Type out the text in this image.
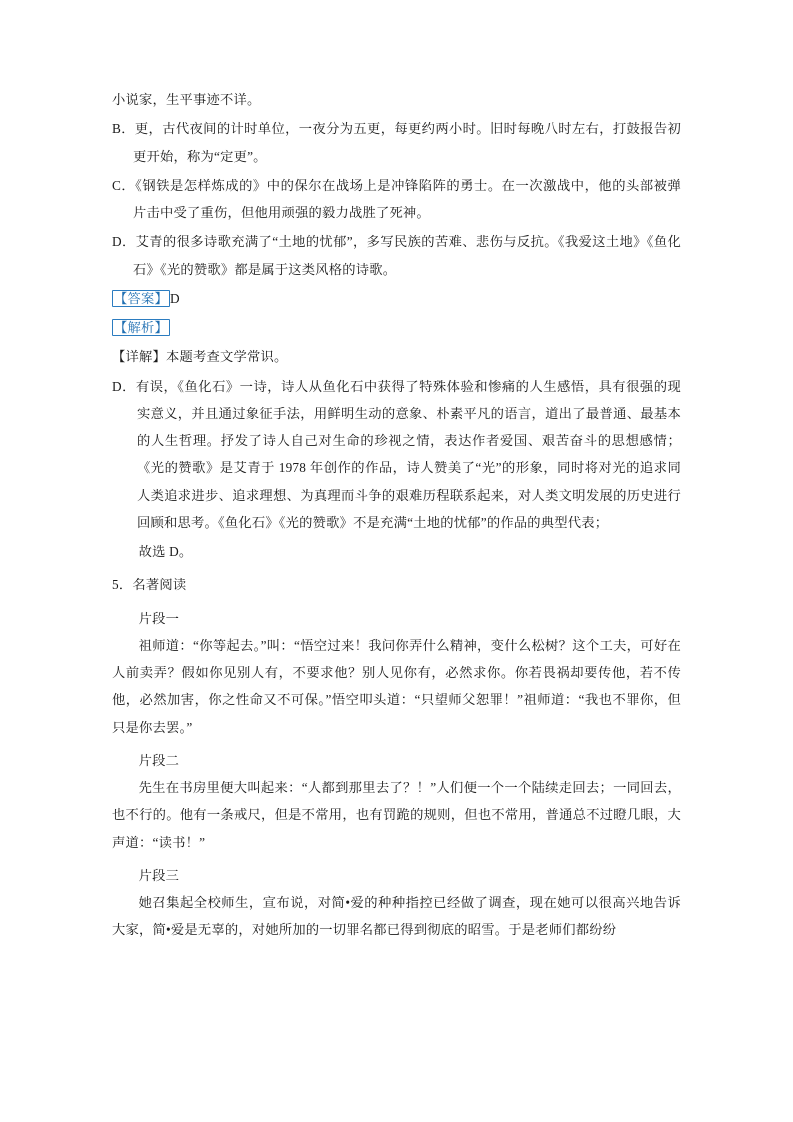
小说家，生平事迹不详。

B．更，古代夜间的计时单位，一夜分为五更，每更约两小时。旧时每晚八时左右，打鼓报告初更开始，称为“定更”。

C．《钢铁是怎样炼成的》中的保尔在战场上是冲锋陷阵的勇士。在一次激战中，他的头部被弹片击中受了重伤，但他用顽强的毅力战胜了死神。

D．艾青的很多诗歌充满了“土地的忧郁”，多写民族的苦难、悲伤与反抗。《我爱这土地》《鱼化石》《光的赞歌》都是属于这类风格的诗歌。

【答案】 D

【解析】

【详解】本题考查文学常识。

D．有误，《鱼化石》一诗，诗人从鱼化石中获得了特殊体验和惨痛的人生感悟，具有很强的现实意义，并且通过象征手法，用鲜明生动的意象、朴素平凡的语言，道出了最普通、最基本的人生哲理。抒发了诗人自己对生命的珍视之情，表达作者爱国、艰苦奋斗的思想感情；《光的赞歌》是艾青于 1978 年创作的作品，诗人赞美了“光”的形象，同时将对光的追求同人类追求进步、追求理想、为真理而斗争的艰难历程联系起来，对人类文明发展的历史进行回顾和思考。《鱼化石》《光的赞歌》不是充满“土地的忧郁”的作品的典型代表；

故选 D。

5．名著阅读

片段一

祖师道：“你等起去。”叫：“悟空过来！我问你弄什么精神，变什么松树？这个工夫，可好在人前卖弄？假如你见别人有，不要求他？别人见你有，必然求你。你若畏祸却要传他，若不传他，必然加害，你之性命又不可保。”悟空叩头道：“只望师父恕罪！”祖师道：“我也不罪你，但只是你去罢。”

片段二

先生在书房里便大叫起来：“人都到那里去了？！”人们便一个一个陆续走回去；一同回去，也不行的。他有一条戒尺，但是不常用，也有罚跪的规则，但也不常用，普通总不过瞪几眼，大声道：“读书！”

片段三

她召集起全校师生，宣布说，对简•爱的种种指控已经做了调查，现在她可以很高兴地告诉大家，简•爱是无辜的，对她所加的一切罪名都已得到彻底的昭雪。于是老师们都纷纷
